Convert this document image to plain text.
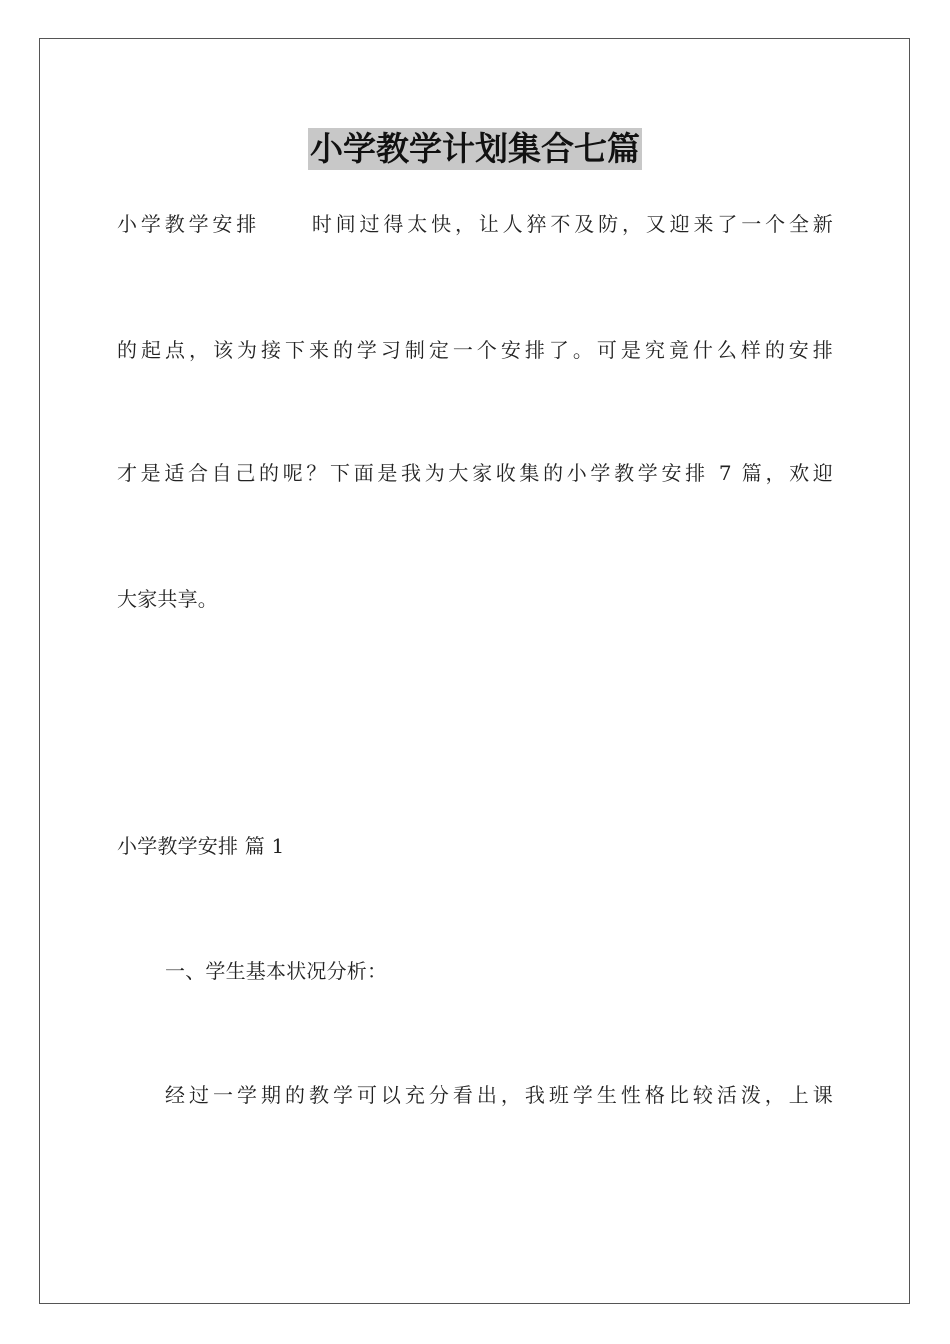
小学教学计划集合七篇
小学教学安排 时间过得太快，让人猝不及防，又迎来了一个全新
的起点，该为接下来的学习制定一个安排了。可是究竟什么样的安排
才是适合自己的呢？下面是我为大家收集的小学教学安排 7 篇，欢迎
大家共享。
小学教学安排 篇 1
一、学生基本状况分析：
经过一学期的教学可以充分看出，我班学生性格比较活泼，上课
